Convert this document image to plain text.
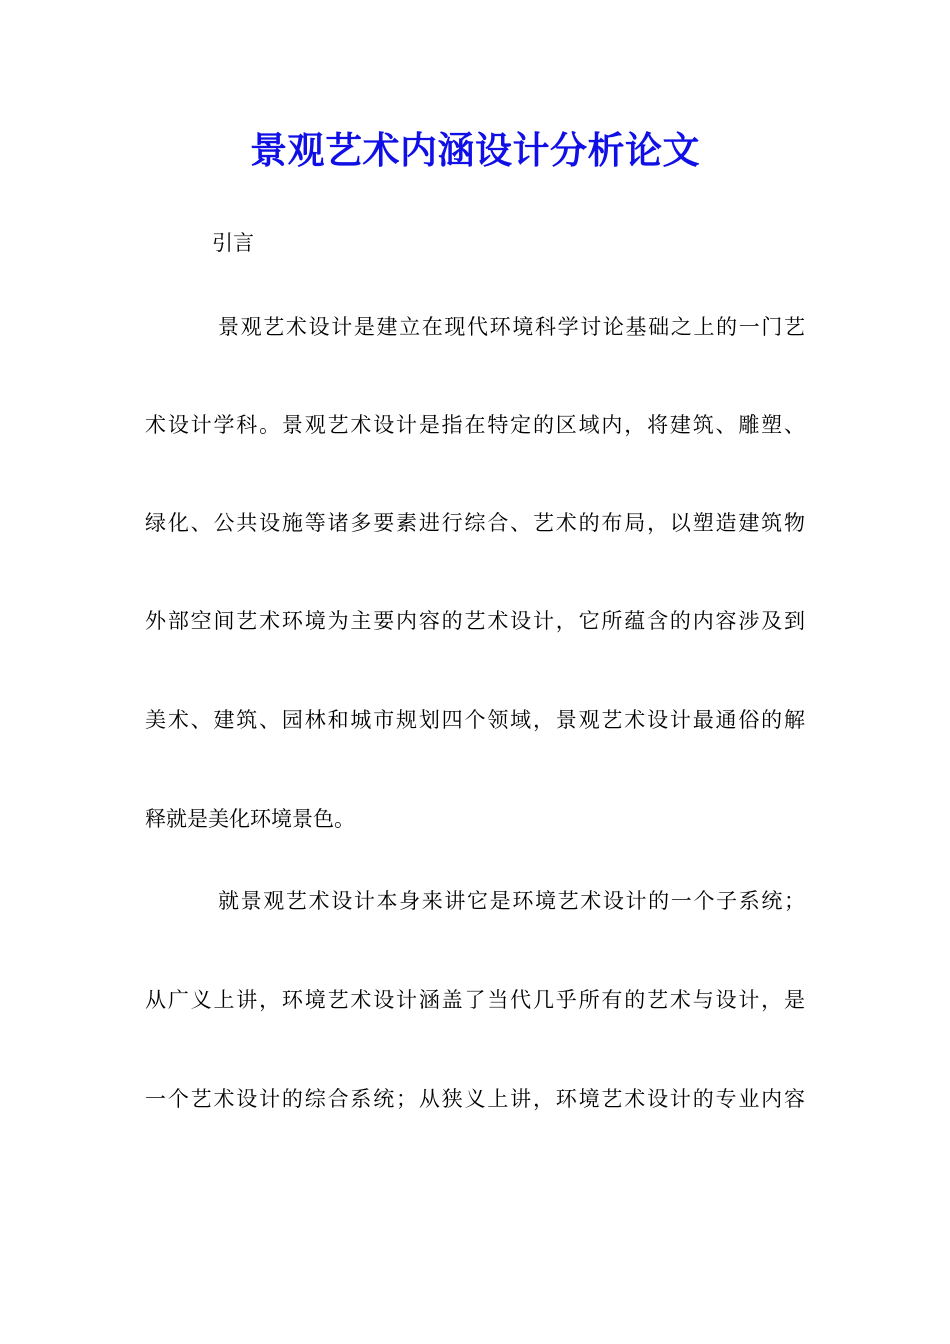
景观艺术内涵设计分析论文
引言
景观艺术设计是建立在现代环境科学讨论基础之上的一门艺
术设计学科。景观艺术设计是指在特定的区域内，将建筑、雕塑、
绿化、公共设施等诸多要素进行综合、艺术的布局，以塑造建筑物
外部空间艺术环境为主要内容的艺术设计，它所蕴含的内容涉及到
美术、建筑、园林和城市规划四个领域，景观艺术设计最通俗的解
释就是美化环境景色。
就景观艺术设计本身来讲它是环境艺术设计的一个子系统；
从广义上讲，环境艺术设计涵盖了当代几乎所有的艺术与设计，是
一个艺术设计的综合系统；从狭义上讲，环境艺术设计的专业内容
